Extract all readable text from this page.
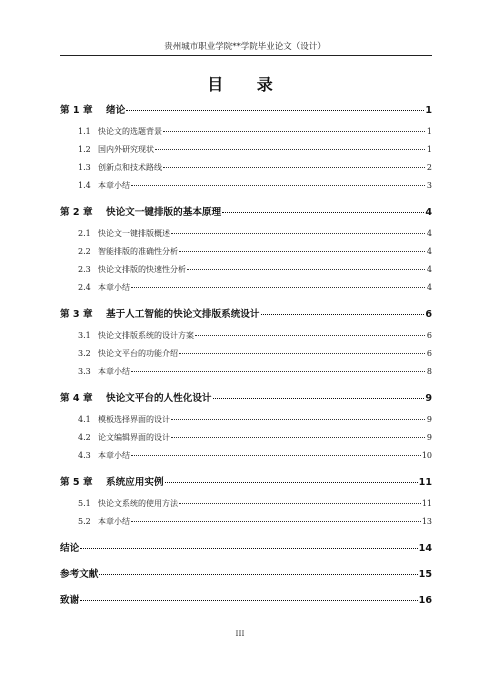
贵州城市职业学院**学院毕业论文（设计）
目 录
第 1 章	绪论	1
1.1 快论文的选题背景	1
1.2 国内外研究现状	1
1.3 创新点和技术路线	2
1.4 本章小结	3
第 2 章	快论文一键排版的基本原理	4
2.1 快论文一键排版概述	4
2.2 智能排版的准确性分析	4
2.3 快论文排版的快速性分析	4
2.4 本章小结	4
第 3 章	基于人工智能的快论文排版系统设计	6
3.1 快论文排版系统的设计方案	6
3.2 快论文平台的功能介绍	6
3.3 本章小结	8
第 4 章	快论文平台的人性化设计	9
4.1 模板选择界面的设计	9
4.2 论文编辑界面的设计	9
4.3 本章小结	10
第 5 章	系统应用实例	11
5.1 快论文系统的使用方法	11
5.2 本章小结	13
结论	14
参考文献	15
致谢	16
III
